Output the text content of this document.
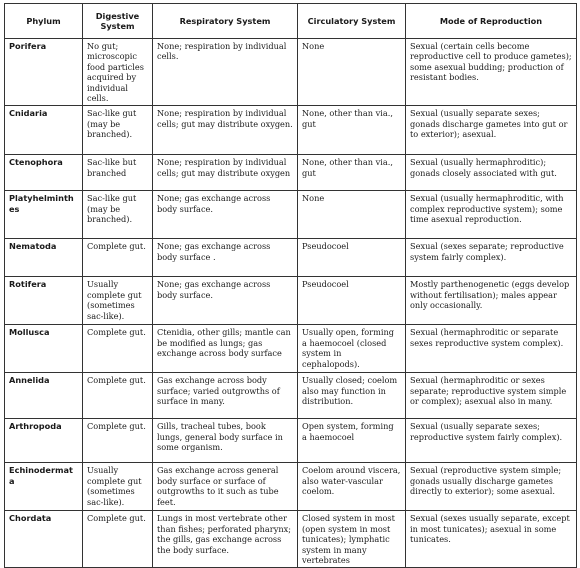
Phylum	Digestive System	Respiratory System	Circulatory System	Mode of Reproduction
Porifera	No gut; microscopic food particles acquired by individual cells.	None; respiration by individual cells.	None	Sexual (certain cells become reproductive cell to produce gametes); some asexual budding; production of resistant bodies.
Cnidaria	Sac-like gut (may be branched).	None; respiration by individual cells; gut may distribute oxygen.	None, other than via., gut	Sexual (usually separate sexes; gonads discharge gametes into gut or to exterior); asexual.
Ctenophora	Sac-like but branched	None; respiration by individual cells; gut may distribute oxygen	None, other than via., gut	Sexual (usually hermaphroditic); gonads closely associated with gut.
Platyhelminthes	Sac-like gut (may be branched).	None; gas exchange across body surface.	None	Sexual (usually hermaphroditic, with complex reproductive system); some time asexual reproduction.
Nematoda	Complete gut.	None; gas exchange across body surface .	Pseudocoel	Sexual (sexes separate; reproductive system fairly complex).
Rotifera	Usually complete gut (sometimes sac-like).	None; gas exchange across body surface.	Pseudocoel	Mostly parthenogenetic (eggs develop without fertilisation); males appear only occasionally.
Mollusca	Complete gut.	Ctenidia, other gills; mantle can be modified as lungs; gas exchange across body surface	Usually open, forming a haemocoel (closed system in cephalopods).	Sexual (hermaphroditic or separate sexes reproductive system complex).
Annelida	Complete gut.	Gas exchange across body surface; varied outgrowths of surface in many.	Usually closed; coelom also may function in distribution.	Sexual (hermaphroditic or sexes separate; reproductive system simple or complex); asexual also in many.
Arthropoda	Complete gut.	Gills, tracheal tubes, book lungs, general body surface in some organism.	Open system, forming a haemocoel	Sexual (usually separate sexes; reproductive system fairly complex).
Echinodermata	Usually complete gut (sometimes sac-like).	Gas exchange across general body surface or surface of outgrowths to it such as tube feet.	Coelom around viscera, also water-vascular coelom.	Sexual (reproductive system simple; gonads usually discharge gametes directly to exterior); some asexual.
Chordata	Complete gut.	Lungs in most vertebrate other than fishes; perforated pharynx; the gills, gas exchange across the body surface.	Closed system in most (open system in most tunicates); lymphatic system in many vertebrates	Sexual (sexes usually separate, except in most tunicates); asexual in some tunicates.
